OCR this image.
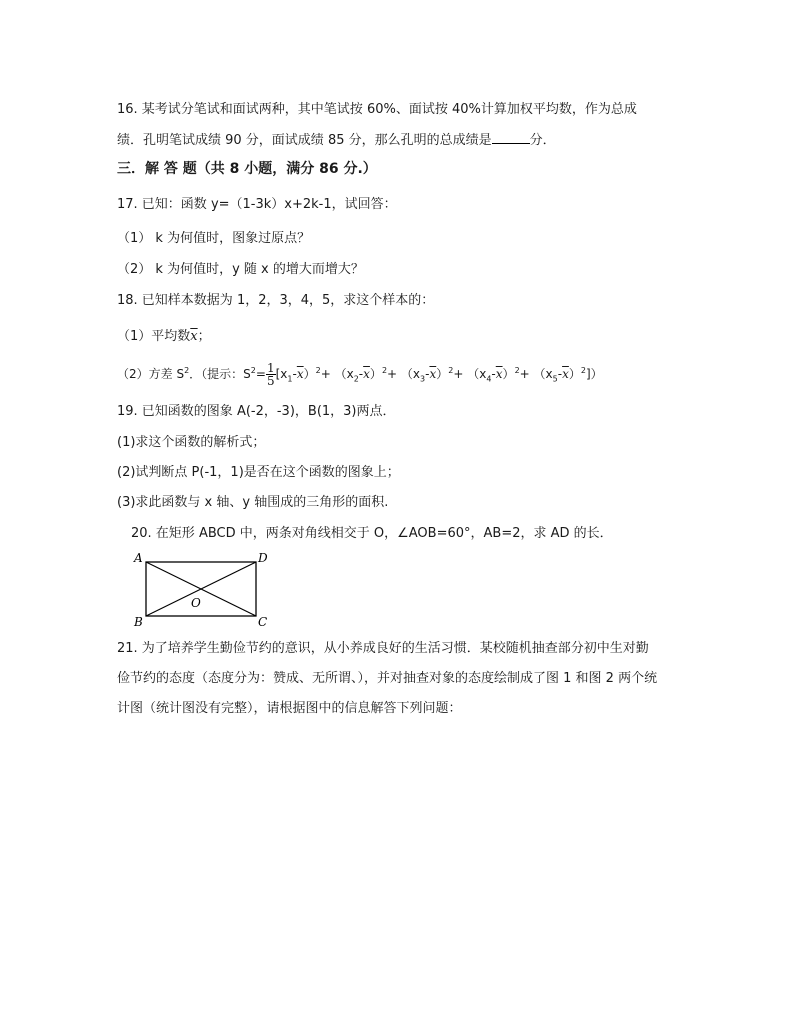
16. 某考试分笔试和面试两种，其中笔试按 60%、面试按 40%计算加权平均数，作为总成
绩．孔明笔试成绩 90 分，面试成绩 85 分，那么孔明的总成绩是	分．
三．解 答 题（共 8 小题，满分 86 分.）
17. 已知：函数 y=（1-3k）x+2k-1，试回答：
（1） k 为何值时，图象过原点？
（2） k 为何值时，y 随 x 的增大而增大？
18. 已知样本数据为 1，2，3，4，5，求这个样本的：
（1）平均数$\overline{x}$；
（2）方差 $S^2$．（提示：$S^2= \frac{1}{5} [x_1-\overline{x})^2+ (x_2-\overline{x})^2+ (x_3-\overline{x})^2+ (x_4-\overline{x})^2+ (x_5-\overline{x})^2$]）
19. 已知函数的图象 A(-2，-3)，B(1，3)两点．
(1)求这个函数的解析式；
(2)试判断点 P(-1，1)是否在这个函数的图象上；
(3)求此函数与 x 轴、y 轴围成的三角形的面积.
20. 在矩形 ABCD 中，两条对角线相交于 O，∠AOB=60°，AB=2，求 AD 的长．
A	D
B	C
O
21. 为了培养学生勤俭节约的意识，从小养成良好的生活习惯．某校随机抽查部分初中生对勤
俭节约的态度（态度分为：赞成、无所谓、），并对抽查对象的态度绘制成了图 1 和图 2 两个统
计图（统计图没有完整），请根据图中的信息解答下列问题：
